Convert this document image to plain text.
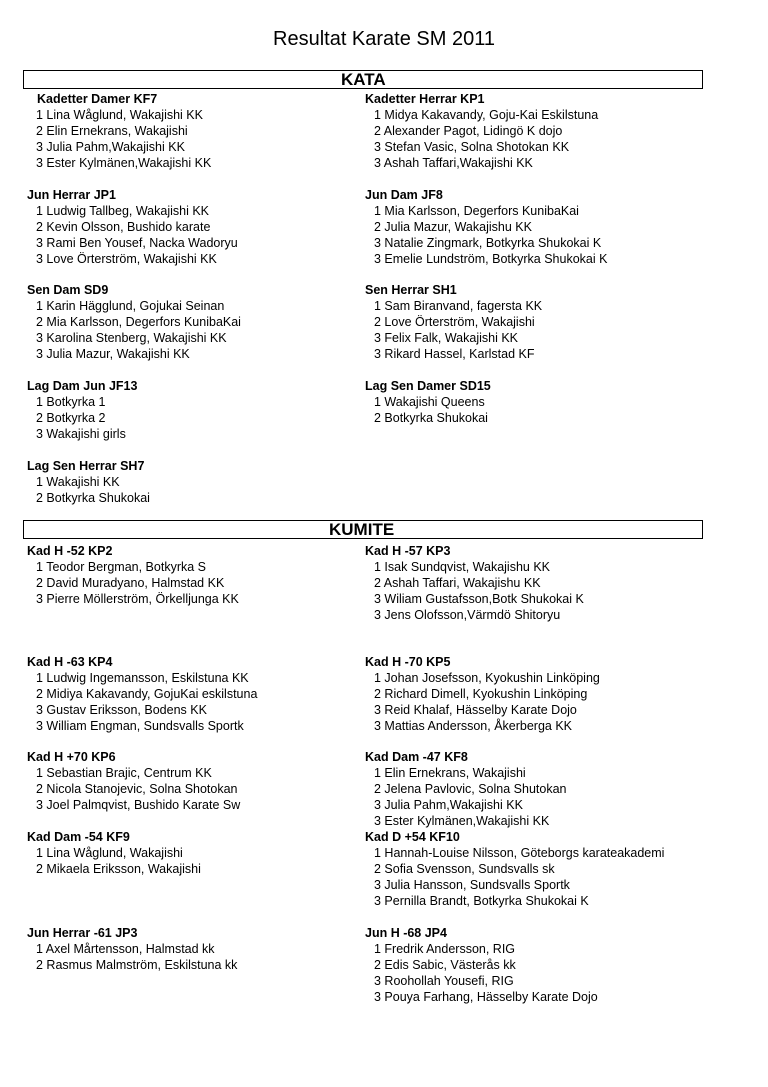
Resultat Karate SM 2011
KATA
Kadetter Damer KF7
1 Lina Wåglund, Wakajishi KK
2 Elin Ernekrans, Wakajishi
3 Julia Pahm,Wakajishi KK
3 Ester Kylmänen,Wakajishi KK
Jun Herrar JP1
1 Ludwig Tallbeg, Wakajishi KK
2 Kevin Olsson, Bushido karate
3 Rami Ben Yousef, Nacka Wadoryu
3 Love Örterström, Wakajishi KK
Sen Dam SD9
1 Karin Hägglund, Gojukai Seinan
2 Mia Karlsson, Degerfors KunibaKai
3 Karolina Stenberg, Wakajishi KK
3 Julia Mazur, Wakajishi KK
Lag Dam Jun JF13
1 Botkyrka 1
2 Botkyrka 2
3 Wakajishi girls
Lag Sen Herrar SH7
1 Wakajishi KK
2 Botkyrka Shukokai
Kadetter Herrar KP1
1 Midya Kakavandy, Goju-Kai Eskilstuna
2 Alexander Pagot, Lidingö K dojo
3 Stefan Vasic, Solna Shotokan KK
3 Ashah Taffari,Wakajishi KK
Jun Dam JF8
1 Mia Karlsson, Degerfors KunibaKai
2 Julia Mazur, Wakajishu KK
3 Natalie Zingmark, Botkyrka Shukokai K
3 Emelie Lundström, Botkyrka Shukokai K
Sen Herrar SH1
1 Sam Biranvand, fagersta KK
2 Love Örterström, Wakajishi
3 Felix Falk, Wakajishi KK
3 Rikard Hassel, Karlstad KF
Lag Sen Damer SD15
1 Wakajishi Queens
2 Botkyrka Shukokai
KUMITE
Kad H -52 KP2
1 Teodor Bergman, Botkyrka S
2 David Muradyano, Halmstad KK
3 Pierre Möllerström, Örkelljunga KK
Kad H -63 KP4
1 Ludwig Ingemansson, Eskilstuna KK
2 Midiya Kakavandy, GojuKai eskilstuna
3 Gustav Eriksson, Bodens KK
3 William Engman, Sundsvalls Sportk
Kad H +70 KP6
1 Sebastian Brajic, Centrum KK
2 Nicola Stanojevic, Solna Shotokan
3 Joel Palmqvist, Bushido Karate Sw
Kad Dam -54 KF9
1 Lina Wåglund, Wakajishi
2 Mikaela Eriksson, Wakajishi
Jun Herrar -61 JP3
1 Axel Mårtensson, Halmstad kk
2 Rasmus Malmström, Eskilstuna kk
Kad H -57 KP3
1 Isak Sundqvist, Wakajishu KK
2 Ashah Taffari, Wakajishu KK
3 Wiliam Gustafsson,Botk Shukokai K
3 Jens Olofsson,Värmdö Shitoryu
Kad H -70 KP5
1 Johan Josefsson, Kyokushin Linköping
2 Richard Dimell, Kyokushin Linköping
3 Reid Khalaf, Hässelby Karate Dojo
3 Mattias Andersson, Åkerberga KK
Kad Dam -47 KF8
1 Elin Ernekrans, Wakajishi
2 Jelena Pavlovic, Solna Shutokan
3 Julia Pahm,Wakajishi KK
3 Ester Kylmänen,Wakajishi KK
Kad D +54 KF10
1 Hannah-Louise Nilsson, Göteborgs karateakademi
2 Sofia Svensson, Sundsvalls sk
3 Julia Hansson, Sundsvalls Sportk
3 Pernilla Brandt, Botkyrka Shukokai K
Jun H -68 JP4
1 Fredrik Andersson, RIG
2 Edis Sabic, Västerås kk
3 Roohollah Yousefi, RIG
3 Pouya Farhang, Hässelby Karate Dojo
